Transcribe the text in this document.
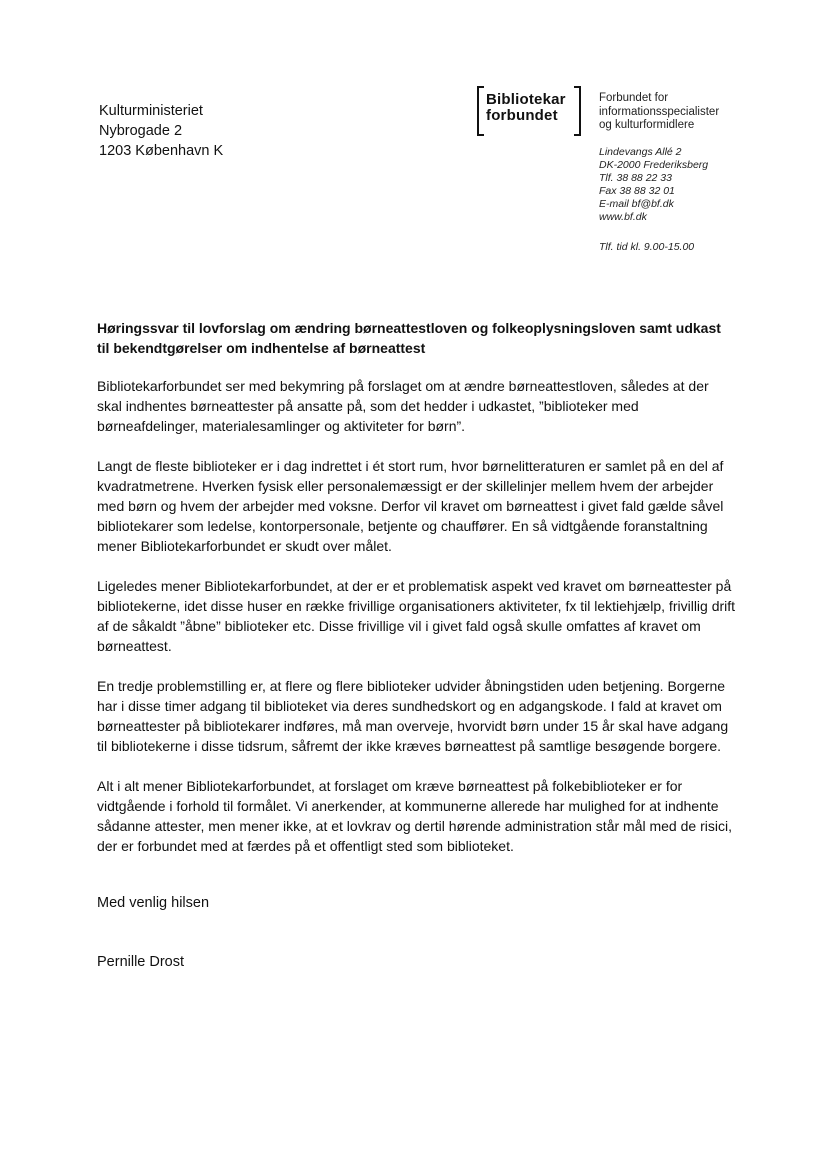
Kulturministeriet
Nybrogade 2
1203 København K
Bibliotekar
forbundet
Forbundet for
informationsspecialister
og kulturformidlere
Lindevangs Allé 2
DK-2000 Frederiksberg
Tlf. 38 88 22 33
Fax 38 88 32 01
E-mail bf@bf.dk
www.bf.dk
Tlf. tid kl. 9.00-15.00
Høringssvar til lovforslag om ændring børneattestloven og folkeoplysningsloven samt udkast til bekendtgørelser om indhentelse af børneattest

Bibliotekarforbundet ser med bekymring på forslaget om at ændre børneattestloven, således at der skal indhentes børneattester på ansatte på, som det hedder i udkastet, ”biblioteker med børneafdelinger, materialesamlinger og aktiviteter for børn”.

Langt de fleste biblioteker er i dag indrettet i ét stort rum, hvor børnelitteraturen er samlet på en del af kvadratmetrene. Hverken fysisk eller personalemæssigt er der skillelinjer mellem hvem der arbejder med børn og hvem der arbejder med voksne. Derfor vil kravet om børneattest i givet fald gælde såvel bibliotekarer som ledelse, kontorpersonale, betjente og chauffører. En så vidtgående foranstaltning mener Bibliotekarforbundet er skudt over målet.

Ligeledes mener Bibliotekarforbundet, at der er et problematisk aspekt ved kravet om børneattester på bibliotekerne, idet disse huser en række frivillige organisationers aktiviteter, fx til lektiehjælp, frivillig drift af de såkaldt ”åbne” biblioteker etc. Disse frivillige vil i givet fald også skulle omfattes af kravet om børneattest.

En tredje problemstilling er, at flere og flere biblioteker udvider åbningstiden uden betjening. Borgerne har i disse timer adgang til biblioteket via deres sundhedskort og en adgangskode. I fald at kravet om børneattester på bibliotekarer indføres, må man overveje, hvorvidt børn under 15 år skal have adgang til bibliotekerne i disse tidsrum, såfremt der ikke kræves børneattest på samtlige besøgende borgere.

Alt i alt mener Bibliotekarforbundet, at forslaget om kræve børneattest på folkebiblioteker er for vidtgående i forhold til formålet. Vi anerkender, at kommunerne allerede har mulighed for at indhente sådanne attester, men mener ikke, at et lovkrav og dertil hørende administration står mål med de risici, der er forbundet med at færdes på et offentligt sted som biblioteket.

Med venlig hilsen
Pernille Drost
